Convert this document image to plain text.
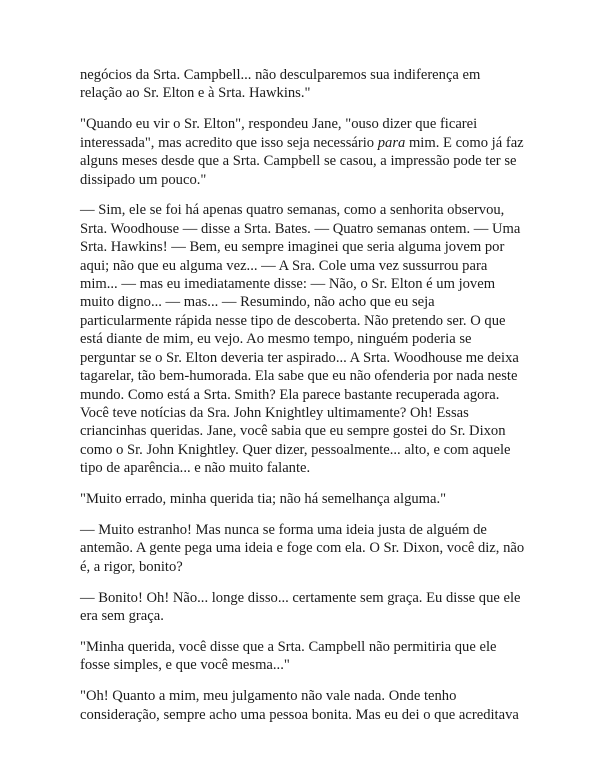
negócios da Srta. Campbell... não desculparemos sua indiferença em
relação ao Sr. Elton e à Srta. Hawkins."

"Quando eu vir o Sr. Elton", respondeu Jane, "ouso dizer que ficarei
interessada", mas acredito que isso seja necessário para mim. E como já faz
alguns meses desde que a Srta. Campbell se casou, a impressão pode ter se
dissipado um pouco."

— Sim, ele se foi há apenas quatro semanas, como a senhorita observou,
Srta. Woodhouse — disse a Srta. Bates. — Quatro semanas ontem. — Uma
Srta. Hawkins! — Bem, eu sempre imaginei que seria alguma jovem por
aqui; não que eu alguma vez... — A Sra. Cole uma vez sussurrou para
mim... — mas eu imediatamente disse: — Não, o Sr. Elton é um jovem
muito digno... — mas... — Resumindo, não acho que eu seja
particularmente rápida nesse tipo de descoberta. Não pretendo ser. O que
está diante de mim, eu vejo. Ao mesmo tempo, ninguém poderia se
perguntar se o Sr. Elton deveria ter aspirado... A Srta. Woodhouse me deixa
tagarelar, tão bem-humorada. Ela sabe que eu não ofenderia por nada neste
mundo. Como está a Srta. Smith? Ela parece bastante recuperada agora.
Você teve notícias da Sra. John Knightley ultimamente? Oh! Essas
criancinhas queridas. Jane, você sabia que eu sempre gostei do Sr. Dixon
como o Sr. John Knightley. Quer dizer, pessoalmente... alto, e com aquele
tipo de aparência... e não muito falante.

"Muito errado, minha querida tia; não há semelhança alguma."

— Muito estranho! Mas nunca se forma uma ideia justa de alguém de
antemão. A gente pega uma ideia e foge com ela. O Sr. Dixon, você diz, não
é, a rigor, bonito?

— Bonito! Oh! Não... longe disso... certamente sem graça. Eu disse que ele
era sem graça.

"Minha querida, você disse que a Srta. Campbell não permitiria que ele
fosse simples, e que você mesma..."

"Oh! Quanto a mim, meu julgamento não vale nada. Onde tenho
consideração, sempre acho uma pessoa bonita. Mas eu dei o que acreditava
